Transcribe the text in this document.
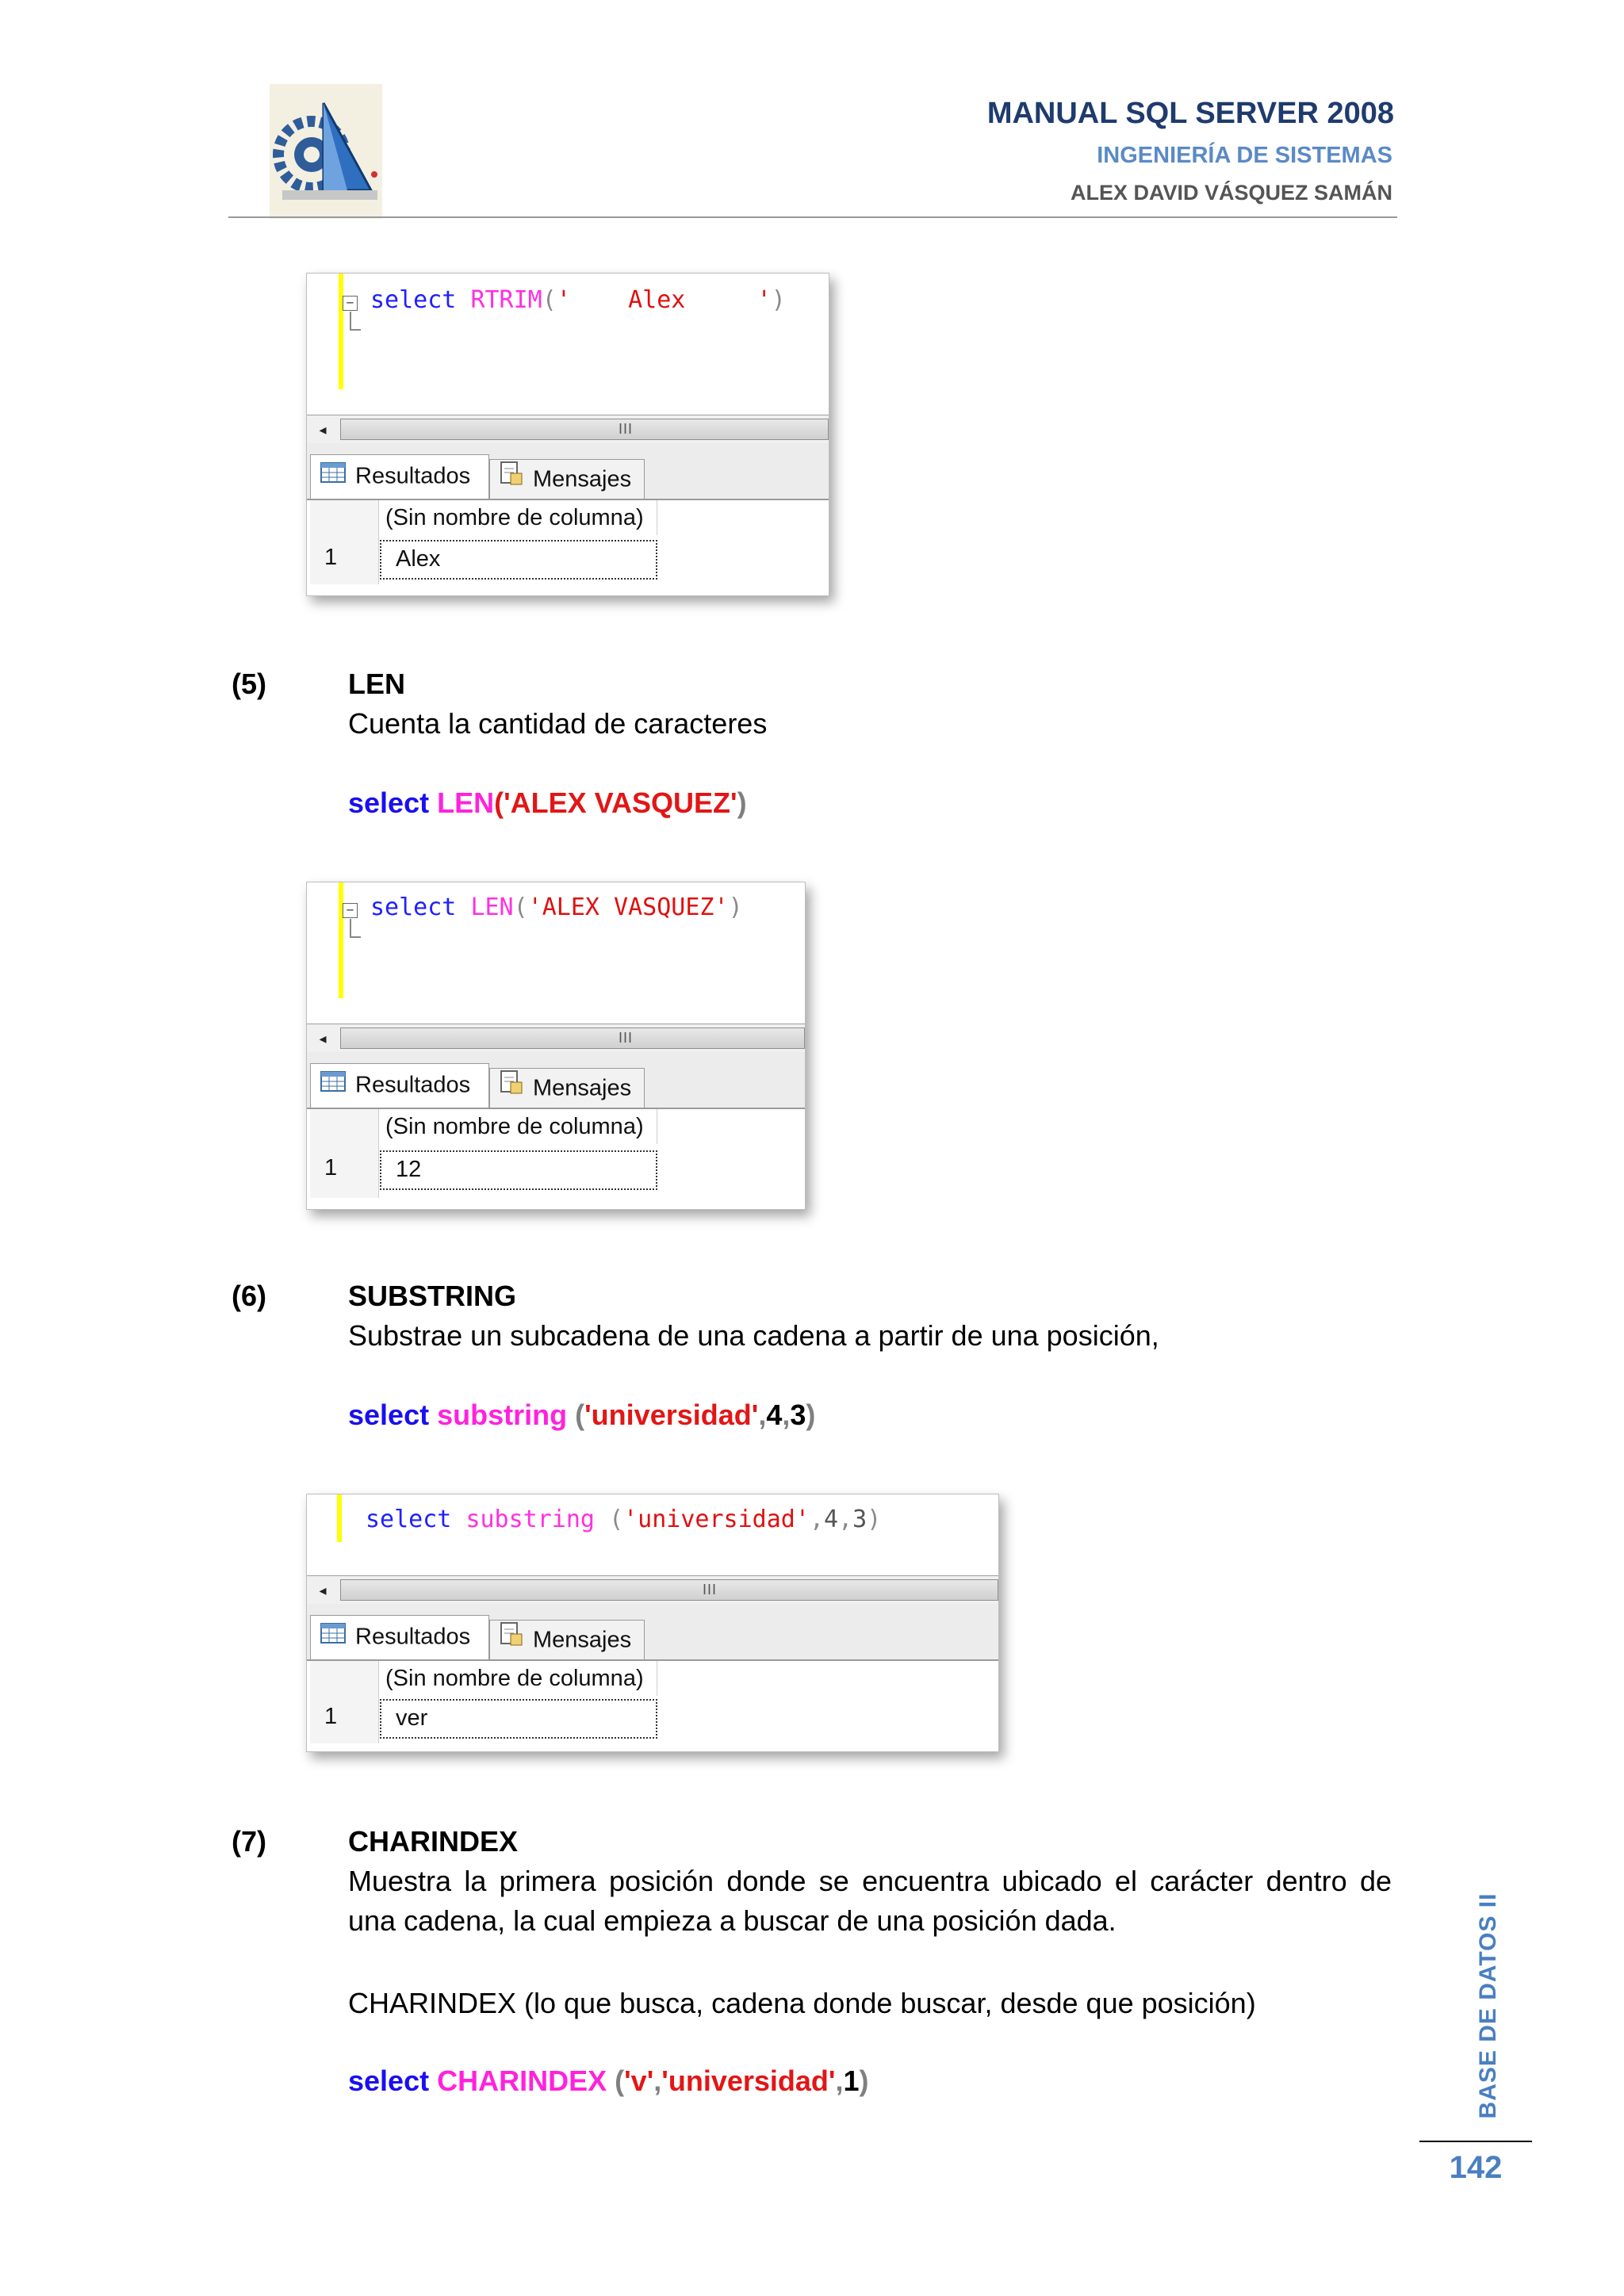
MANUAL SQL SERVER 2008
INGENIERÍA DE SISTEMAS
ALEX DAVID VÁSQUEZ SAMÁN
− select RTRIM('    Alex     ')
◂	III
Resultados	Mensajes
(Sin nombre de columna)
1	Alex
(5)	LEN
Cuenta la cantidad de caracteres
select LEN('ALEX VASQUEZ')
− select LEN('ALEX VASQUEZ')
◂	III
Resultados	Mensajes
(Sin nombre de columna)
1	12
(6)	SUBSTRING
Substrae un subcadena de una cadena a partir de una posición,
select substring ('universidad',4,3)
select substring ('universidad',4,3)
◂	III
Resultados	Mensajes
(Sin nombre de columna)
1	ver
(7)	CHARINDEX
Muestra la primera posición donde se encuentra ubicado el carácter dentro de una cadena, la cual empieza a buscar de una posición dada.
CHARINDEX (lo que busca, cadena donde buscar, desde que posición)
select CHARINDEX ('v','universidad',1)	BASE DE DATOS II
142
